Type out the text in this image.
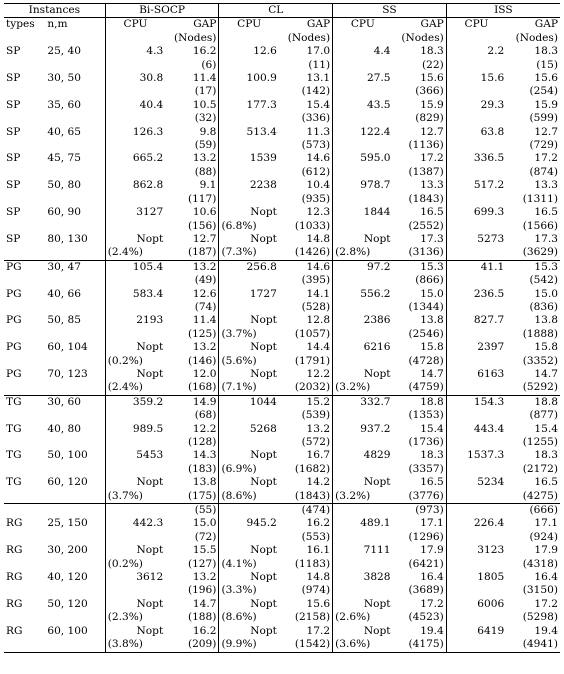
Instances		Bi-SOCP		CL		SS		ISS	
types	n,m	CPU	GAP	CPU	GAP	CPU	GAP	CPU	GAP
			(Nodes)		(Nodes)		(Nodes)		(Nodes)
SP	25, 40	4.3	16.2	12.6	17.0	4.4	18.3	2.2	18.3
			(6)		(11)		(22)		(15)
SP	30, 50	30.8	11.4	100.9	13.1	27.5	15.6	15.6	15.6
			(17)		(142)		(366)		(254)
SP	35, 60	40.4	10.5	177.3	15.4	43.5	15.9	29.3	15.9
			(32)		(336)		(829)		(599)
SP	40, 65	126.3	9.8	513.4	11.3	122.4	12.7	63.8	12.7
			(59)		(573)		(1136)		(729)
SP	45, 75	665.2	13.2	1539	14.6	595.0	17.2	336.5	17.2
			(88)		(612)		(1387)		(874)
SP	50, 80	862.8	9.1	2238	10.4	978.7	13.3	517.2	13.3
			(117)		(935)		(1843)		(1311)
SP	60, 90	3127	10.6	Nopt	12.3	1844	16.5	699.3	16.5
			(156)	(6.8%)	(1033)		(2552)		(1566)
SP	80, 130	Nopt	12.7	Nopt	14.8	Nopt	17.3	5273	17.3
		(2.4%)	(187)	(7.3%)	(1426)	(2.8%)	(3136)		(3629)
PG	30, 47	105.4	13.2	256.8	14.6	97.2	15.3	41.1	15.3
			(49)		(395)		(866)		(542)
PG	40, 66	583.4	12.6	1727	14.1	556.2	15.0	236.5	15.0
			(74)		(528)		(1344)		(836)
PG	50, 85	2193	11.4	Nopt	12.8	2386	13.8	827.7	13.8
			(125)	(3.7%)	(1057)		(2546)		(1888)
PG	60, 104	Nopt	13.2	Nopt	14.4	6216	15.8	2397	15.8
		(0.2%)	(146)	(5.6%)	(1791)		(4728)		(3352)
PG	70, 123	Nopt	12.0	Nopt	12.2	Nopt	14.7	6163	14.7
		(2.4%)	(168)	(7.1%)	(2032)	(3.2%)	(4759)		(5292)
TG	30, 60	359.2	14.9	1044	15.2	332.7	18.8	154.3	18.8
			(68)		(539)		(1353)		(877)
TG	40, 80	989.5	12.2	5268	13.2	937.2	15.4	443.4	15.4
			(128)		(572)		(1736)		(1255)
TG	50, 100	5453	14.3	Nopt	16.7	4829	18.3	1537.3	18.3
			(183)	(6.9%)	(1682)		(3357)		(2172)
TG	60, 120	Nopt	13.8	Nopt	14.2	Nopt	16.5	5234	16.5
		(3.7%)	(175)	(8.6%)	(1843)	(3.2%)	(3776)		(4275)
			(55)		(474)		(973)		(666)
RG	25, 150	442.3	15.0	945.2	16.2	489.1	17.1	226.4	17.1
			(72)		(553)		(1296)		(924)
RG	30, 200	Nopt	15.5	Nopt	16.1	7111	17.9	3123	17.9
		(0.2%)	(127)	(4.1%)	(1183)		(6421)		(4318)
RG	40, 120	3612	13.2	Nopt	14.8	3828	16.4	1805	16.4
			(196)	(3.3%)	(974)		(3689)		(3150)
RG	50, 120	Nopt	14.7	Nopt	15.6	Nopt	17.2	6006	17.2
		(2.3%)	(188)	(8.6%)	(2158)	(2.6%)	(4523)		(5298)
RG	60, 100	Nopt	16.2	Nopt	17.2	Nopt	19.4	6419	19.4
		(3.8%)	(209)	(9.9%)	(1542)	(3.6%)	(4175)		(4941)
